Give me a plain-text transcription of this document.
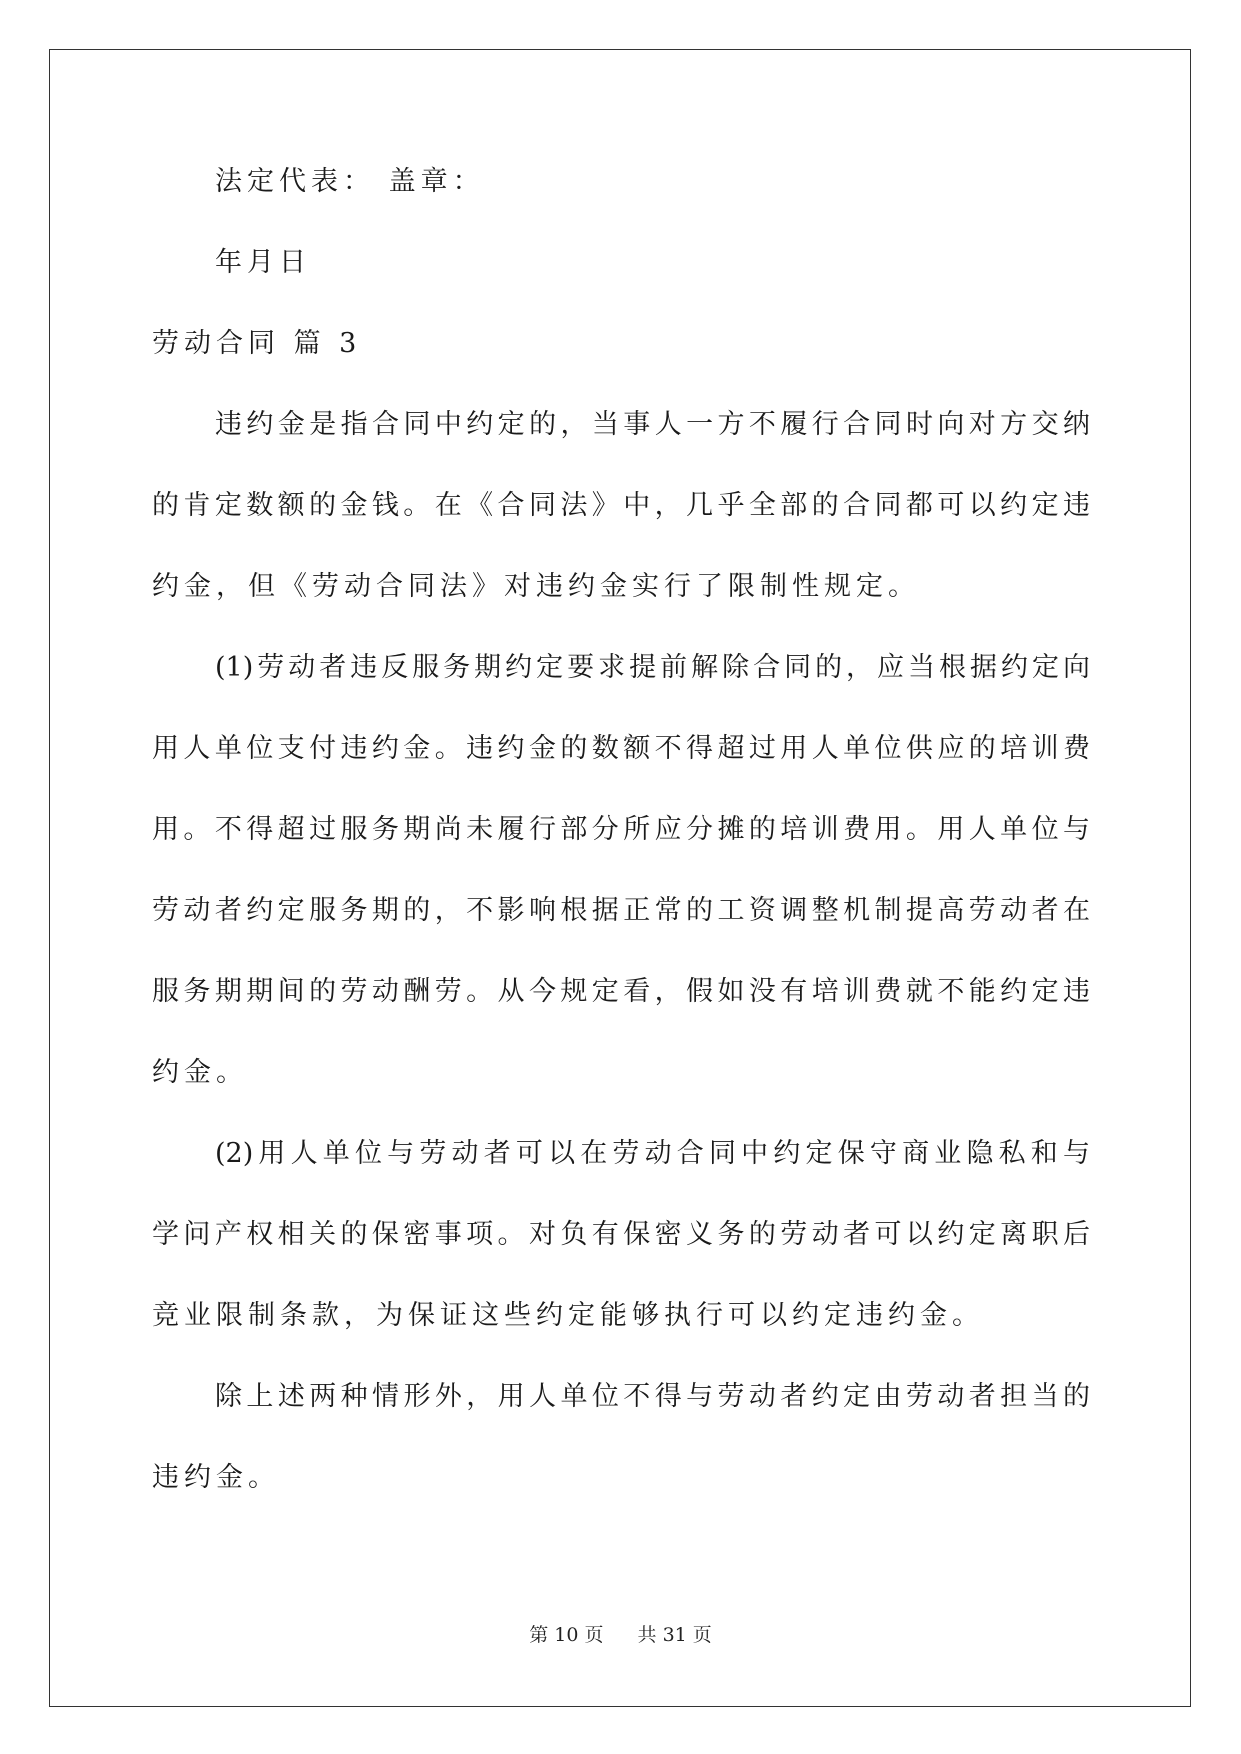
法定代表： 盖章：

年月日

劳动合同 篇 3

违约金是指合同中约定的，当事人一方不履行合同时向对方交纳

的肯定数额的金钱。在《合同法》中，几乎全部的合同都可以约定违

约金，但《劳动合同法》对违约金实行了限制性规定。

(1)劳动者违反服务期约定要求提前解除合同的，应当根据约定向

用人单位支付违约金。违约金的数额不得超过用人单位供应的培训费

用。不得超过服务期尚未履行部分所应分摊的培训费用。用人单位与

劳动者约定服务期的，不影响根据正常的工资调整机制提高劳动者在

服务期期间的劳动酬劳。从今规定看，假如没有培训费就不能约定违

约金。

(2)用人单位与劳动者可以在劳动合同中约定保守商业隐私和与

学问产权相关的保密事项。对负有保密义务的劳动者可以约定离职后

竞业限制条款，为保证这些约定能够执行可以约定违约金。

除上述两种情形外，用人单位不得与劳动者约定由劳动者担当的

违约金。

第 10 页 共 31 页
